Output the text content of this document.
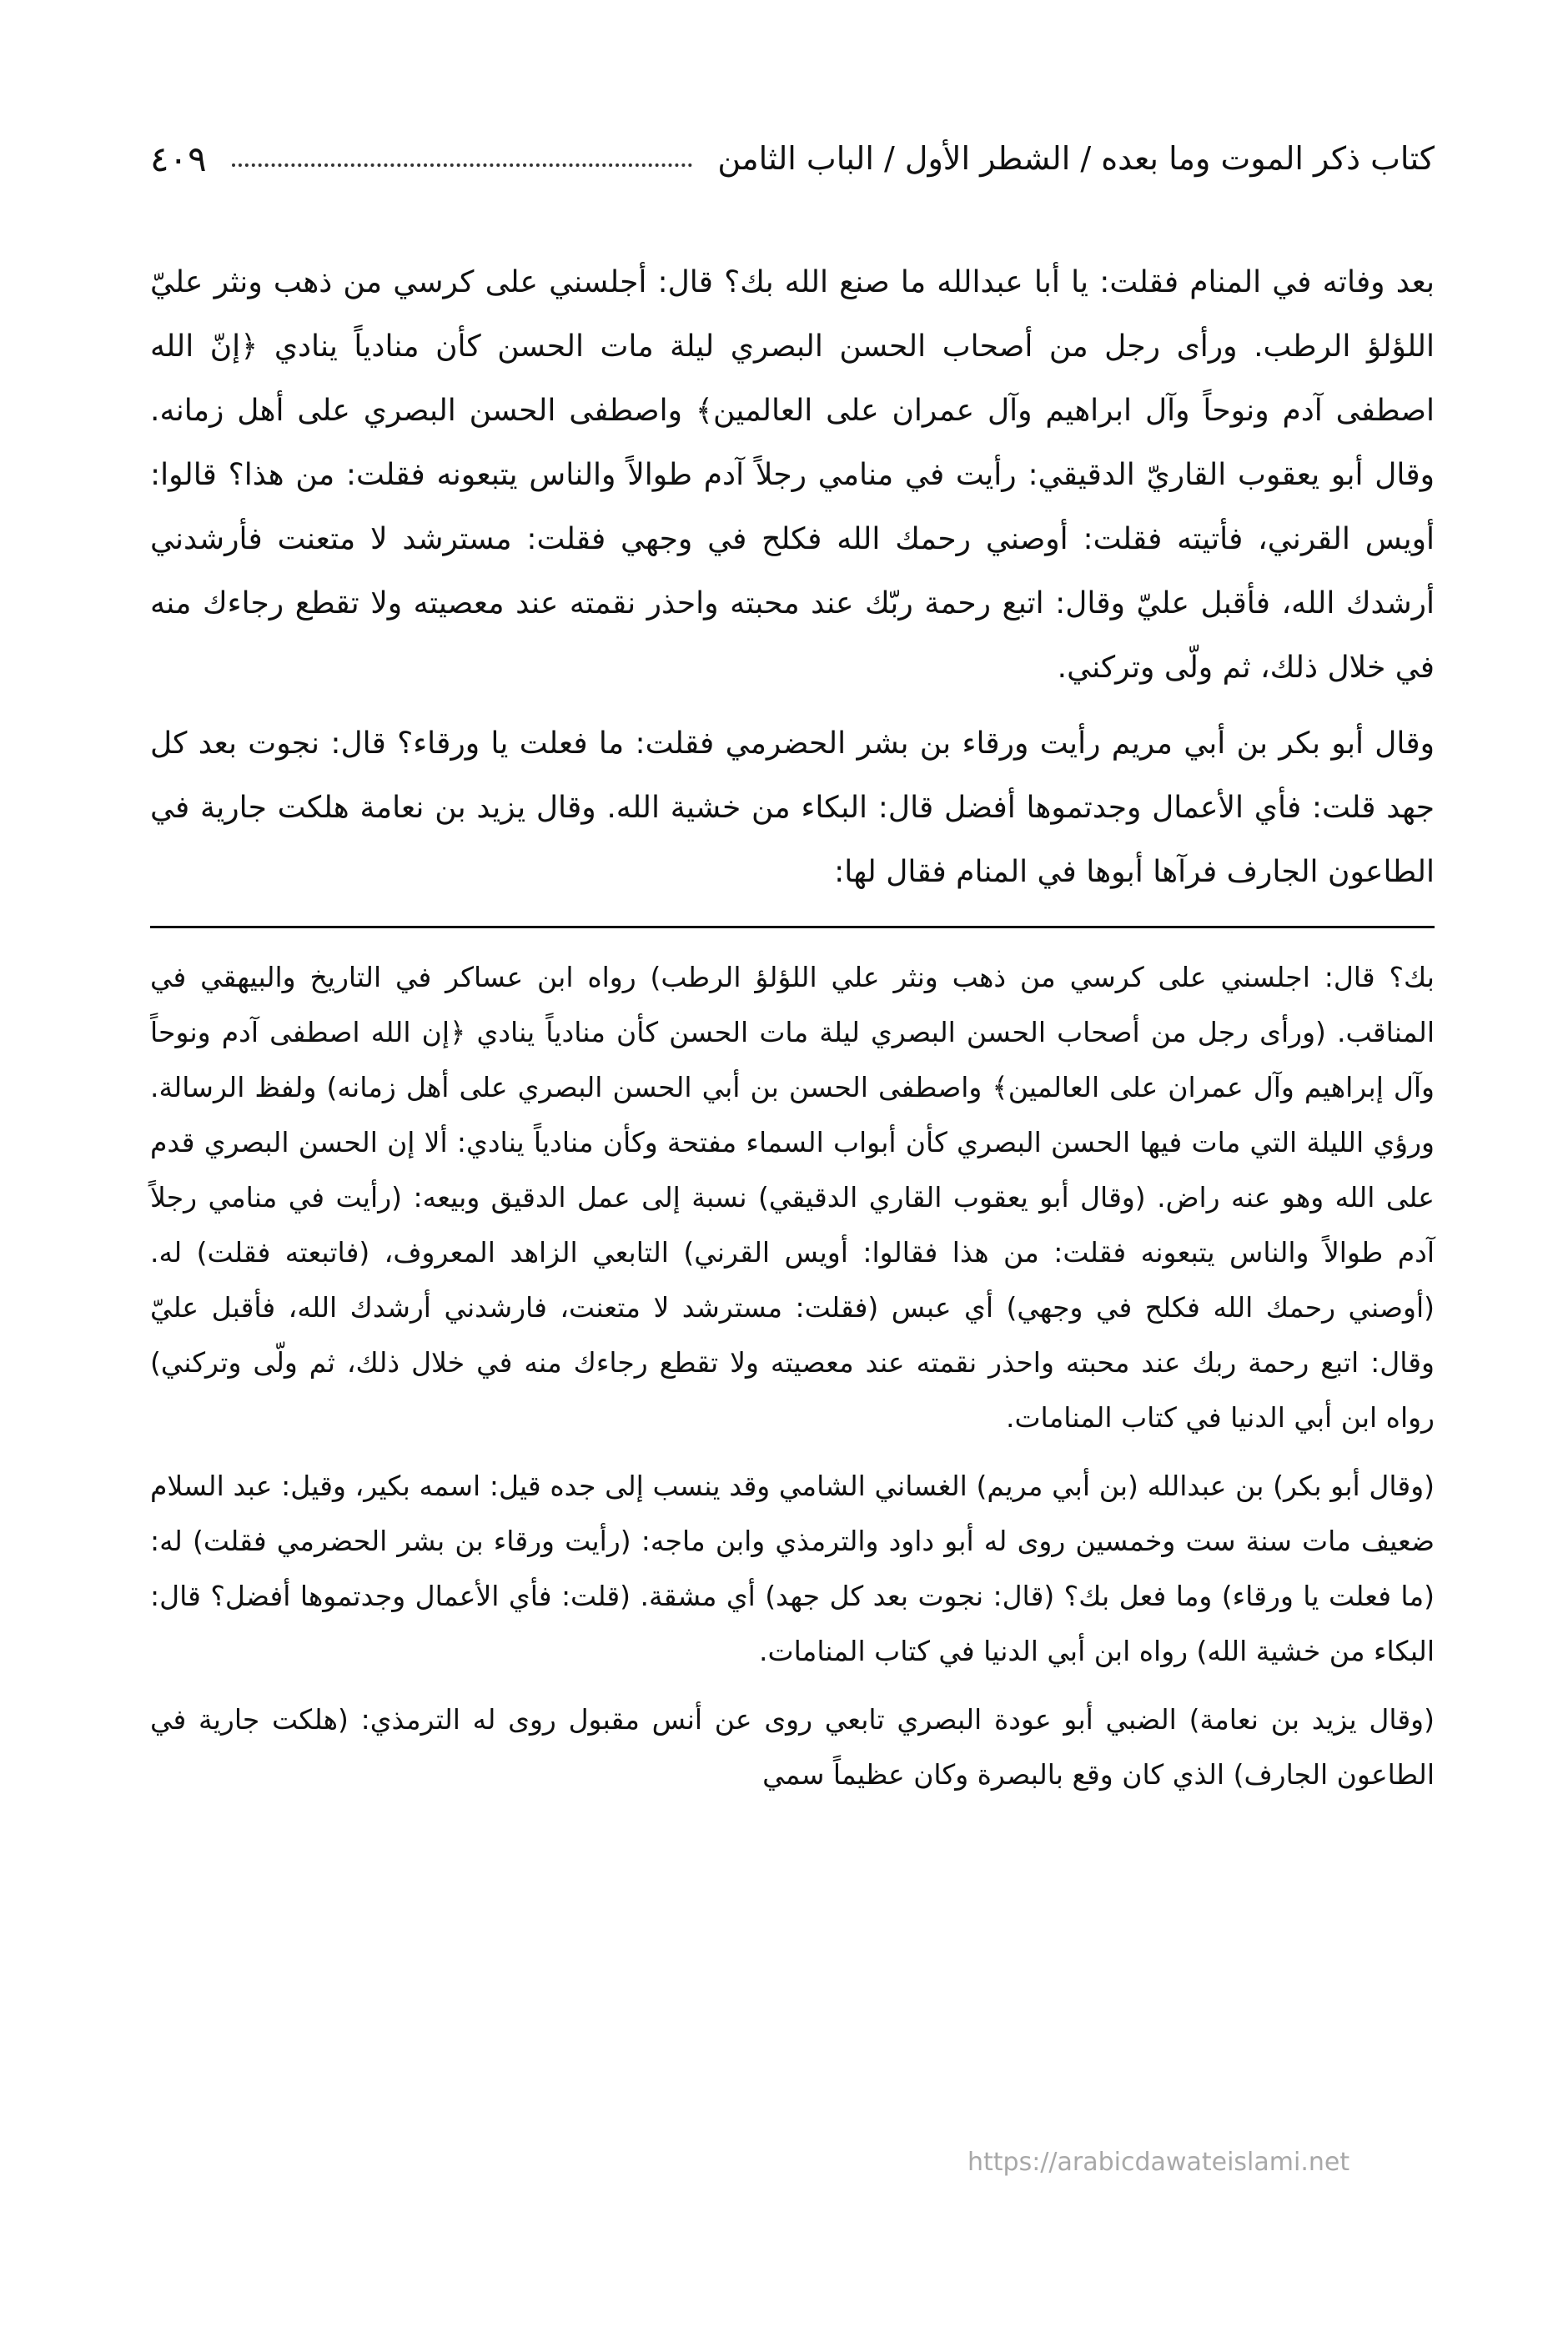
كتاب ذكر الموت وما بعده / الشطر الأول / الباب الثامن
٤٠٩

بعد وفاته في المنام فقلت: يا أبا عبدالله ما صنع الله بك؟ قال: أجلسني على كرسي من ذهب ونثر عليّ اللؤلؤ الرطب. ورأى رجل من أصحاب الحسن البصري ليلة مات الحسن كأن منادياً ينادي ﴿إنّ الله اصطفى آدم ونوحاً وآل ابراهيم وآل عمران على العالمين﴾ واصطفى الحسن البصري على أهل زمانه. وقال أبو يعقوب القاريّ الدقيقي: رأيت في منامي رجلاً آدم طوالاً والناس يتبعونه فقلت: من هذا؟ قالوا: أويس القرني، فأتيته فقلت: أوصني رحمك الله فكلح في وجهي فقلت: مسترشد لا متعنت فأرشدني أرشدك الله، فأقبل عليّ وقال: اتبع رحمة ربّك عند محبته واحذر نقمته عند معصيته ولا تقطع رجاءك منه في خلال ذلك، ثم ولّى وتركني.

وقال أبو بكر بن أبي مريم رأيت ورقاء بن بشر الحضرمي فقلت: ما فعلت يا ورقاء؟ قال: نجوت بعد كل جهد قلت: فأي الأعمال وجدتموها أفضل قال: البكاء من خشية الله. وقال يزيد بن نعامة هلكت جارية في الطاعون الجارف فرآها أبوها في المنام فقال لها:

بك؟ قال: اجلسني على كرسي من ذهب ونثر علي اللؤلؤ الرطب) رواه ابن عساكر في التاريخ والبيهقي في المناقب. (ورأى رجل من أصحاب الحسن البصري ليلة مات الحسن كأن منادياً ينادي ﴿إن الله اصطفى آدم ونوحاً وآل إبراهيم وآل عمران على العالمين﴾ واصطفى الحسن بن أبي الحسن البصري على أهل زمانه) ولفظ الرسالة. ورؤي الليلة التي مات فيها الحسن البصري كأن أبواب السماء مفتحة وكأن منادياً ينادي: ألا إن الحسن البصري قدم على الله وهو عنه راض. (وقال أبو يعقوب القاري الدقيقي) نسبة إلى عمل الدقيق وبيعه: (رأيت في منامي رجلاً آدم طوالاً والناس يتبعونه فقلت: من هذا فقالوا: أويس القرني) التابعي الزاهد المعروف، (فاتبعته فقلت) له. (أوصني رحمك الله فكلح في وجهي) أي عبس (فقلت: مسترشد لا متعنت، فارشدني أرشدك الله، فأقبل عليّ وقال: اتبع رحمة ربك عند محبته واحذر نقمته عند معصيته ولا تقطع رجاءك منه في خلال ذلك، ثم ولّى وتركني) رواه ابن أبي الدنيا في كتاب المنامات.

(وقال أبو بكر) بن عبدالله (بن أبي مريم) الغساني الشامي وقد ينسب إلى جده قيل: اسمه بكير، وقيل: عبد السلام ضعيف مات سنة ست وخمسين روى له أبو داود والترمذي وابن ماجه: (رأيت ورقاء بن بشر الحضرمي فقلت) له: (ما فعلت يا ورقاء) وما فعل بك؟ (قال: نجوت بعد كل جهد) أي مشقة. (قلت: فأي الأعمال وجدتموها أفضل؟ قال: البكاء من خشية الله) رواه ابن أبي الدنيا في كتاب المنامات.

(وقال يزيد بن نعامة) الضبي أبو عودة البصري تابعي روى عن أنس مقبول روى له الترمذي: (هلكت جارية في الطاعون الجارف) الذي كان وقع بالبصرة وكان عظيماً سمي

https://arabicdawateislami.net
